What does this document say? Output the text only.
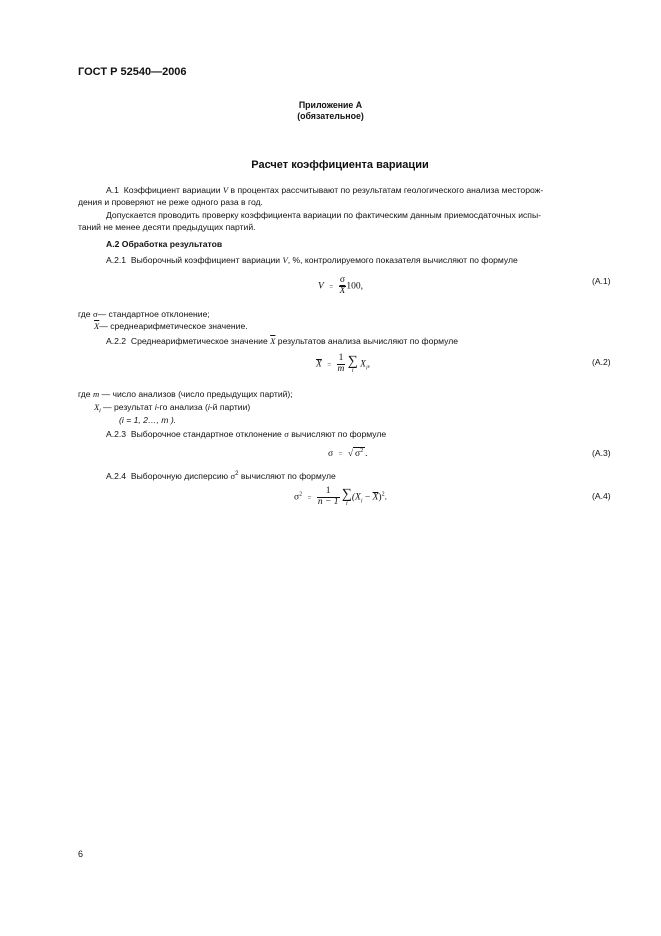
ГОСТ Р 52540—2006
Приложение А
(обязательное)
Расчет коэффициента вариации
А.1 Коэффициент вариации V в процентах рассчитывают по результатам геологического анализа месторож-
дения и проверяют не реже одного раза в год.
Допускается проводить проверку коэффициента вариации по фактическим данным приемосдаточных испы-
таний не менее десяти предыдущих партий.
А.2 Обработка результатов
А.2.1 Выборочный коэффициент вариации V, %, контролируемого показателя вычисляют по формуле
$V = \frac{\sigma}{X} 100$,
(А.1)
где σ— стандартное отклонение;
$\overline{X}—$ среднеарифметическое значение.
А.2.2 Среднеарифметическое значение $\overline{X}$ результатов анализа вычисляют по формуле
$\overline{X} = \frac{1}{m}$
∑
i
$X_i$,	(А.2)
где m — число анализов (число предыдущих партий);
$X_i$ — результат i-го анализа (i-й партии)
(i = 1, 2…, m ).
А.2.3 Выборочное стандартное отклонение σ вычисляют по формуле
σ = √ $\sigma^2$ .	(А.3)
А.2.4 Выборочную дисперсию $\sigma^2$ вычисляют по формуле
$\sigma^2 = \frac{1}{n - 1}$
∑
i
$(X_i - \overline{X})^2$.	(А.4)
6
